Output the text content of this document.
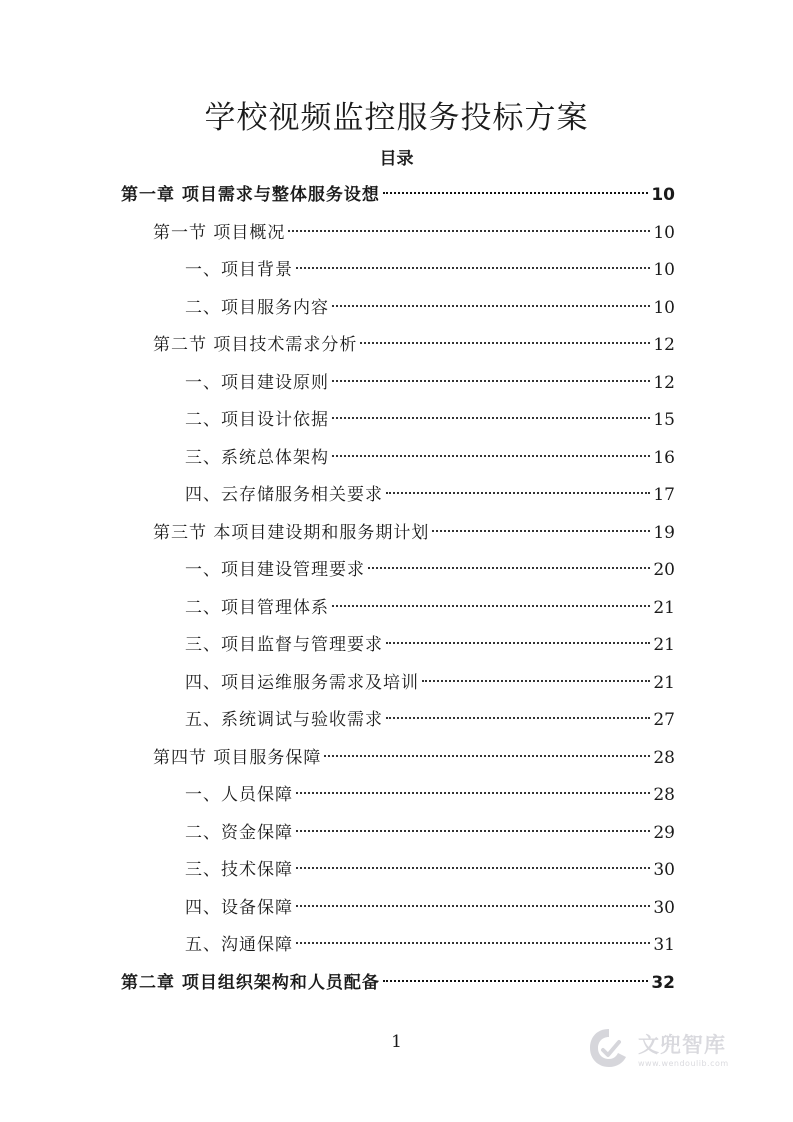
学校视频监控服务投标方案
目录
第一章 项目需求与整体服务设想	10
第一节 项目概况	10
一、项目背景	10
二、项目服务内容	10
第二节 项目技术需求分析	12
一、项目建设原则	12
二、项目设计依据	15
三、系统总体架构	16
四、云存储服务相关要求	17
第三节 本项目建设期和服务期计划	19
一、项目建设管理要求	20
二、项目管理体系	21
三、项目监督与管理要求	21
四、项目运维服务需求及培训	21
五、系统调试与验收需求	27
第四节 项目服务保障	28
一、人员保障	28
二、资金保障	29
三、技术保障	30
四、设备保障	30
五、沟通保障	31
第二章 项目组织架构和人员配备	32
1	文兜智库
www.wendoulib.com
